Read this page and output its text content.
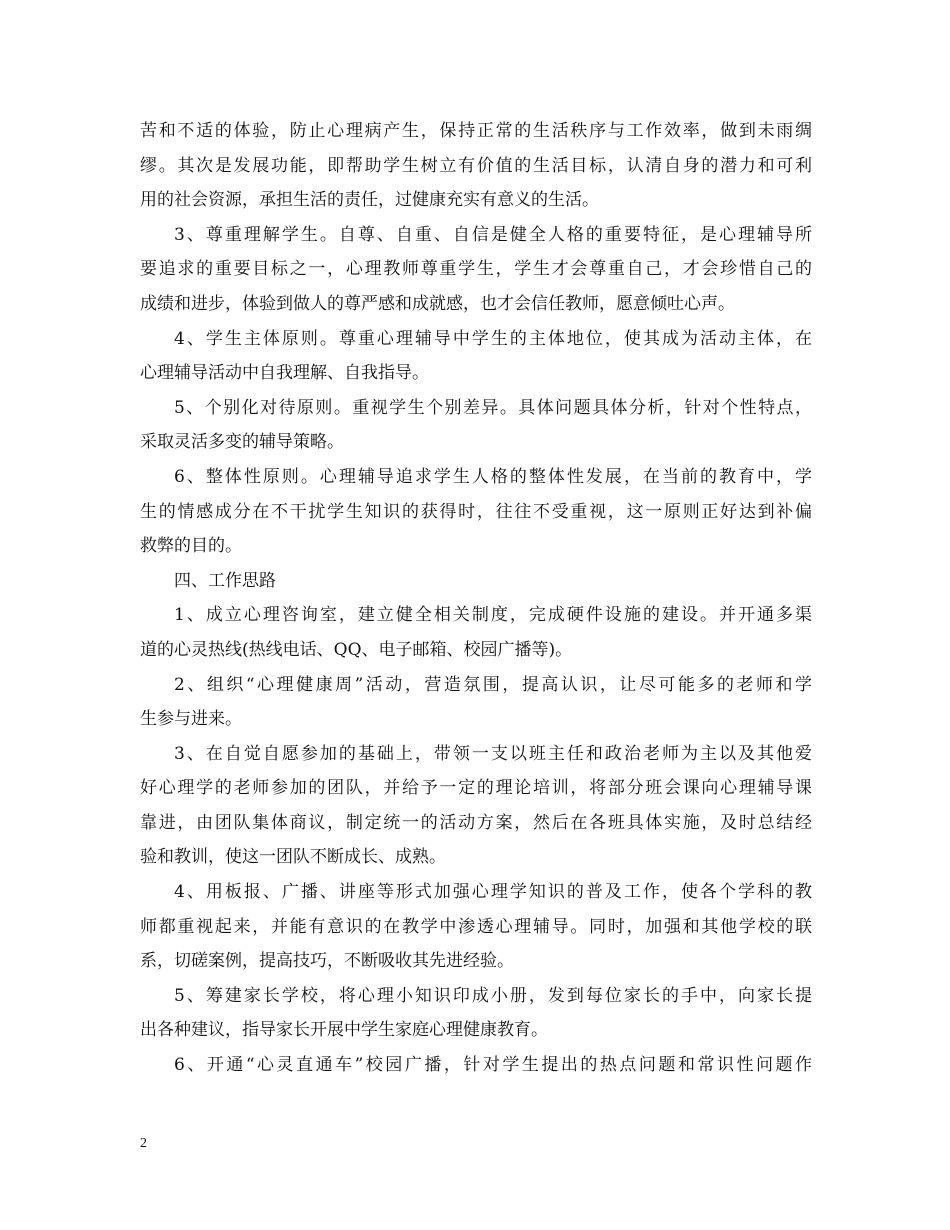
苦和不适的体验，防止心理病产生，保持正常的生活秩序与工作效率，做到未雨绸
缪。其次是发展功能，即帮助学生树立有价值的生活目标，认清自身的潜力和可利
用的社会资源，承担生活的责任，过健康充实有意义的生活。
3、尊重理解学生。自尊、自重、自信是健全人格的重要特征，是心理辅导所
要追求的重要目标之一，心理教师尊重学生，学生才会尊重自己，才会珍惜自己的
成绩和进步，体验到做人的尊严感和成就感，也才会信任教师，愿意倾吐心声。
4、学生主体原则。尊重心理辅导中学生的主体地位，使其成为活动主体，在
心理辅导活动中自我理解、自我指导。
5、个别化对待原则。重视学生个别差异。具体问题具体分析，针对个性特点，
采取灵活多变的辅导策略。
6、整体性原则。心理辅导追求学生人格的整体性发展，在当前的教育中，学
生的情感成分在不干扰学生知识的获得时，往往不受重视，这一原则正好达到补偏
救弊的目的。
四、工作思路
1、成立心理咨询室，建立健全相关制度，完成硬件设施的建设。并开通多渠
道的心灵热线(热线电话、QQ、电子邮箱、校园广播等)。
2、组织“心理健康周”活动，营造氛围，提高认识，让尽可能多的老师和学
生参与进来。
3、在自觉自愿参加的基础上，带领一支以班主任和政治老师为主以及其他爱
好心理学的老师参加的团队，并给予一定的理论培训，将部分班会课向心理辅导课
靠进，由团队集体商议，制定统一的活动方案，然后在各班具体实施，及时总结经
验和教训，使这一团队不断成长、成熟。
4、用板报、广播、讲座等形式加强心理学知识的普及工作，使各个学科的教
师都重视起来，并能有意识的在教学中渗透心理辅导。同时，加强和其他学校的联
系，切磋案例，提高技巧，不断吸收其先进经验。
5、筹建家长学校，将心理小知识印成小册，发到每位家长的手中，向家长提
出各种建议，指导家长开展中学生家庭心理健康教育。
6、开通“心灵直通车”校园广播，针对学生提出的热点问题和常识性问题作
2
